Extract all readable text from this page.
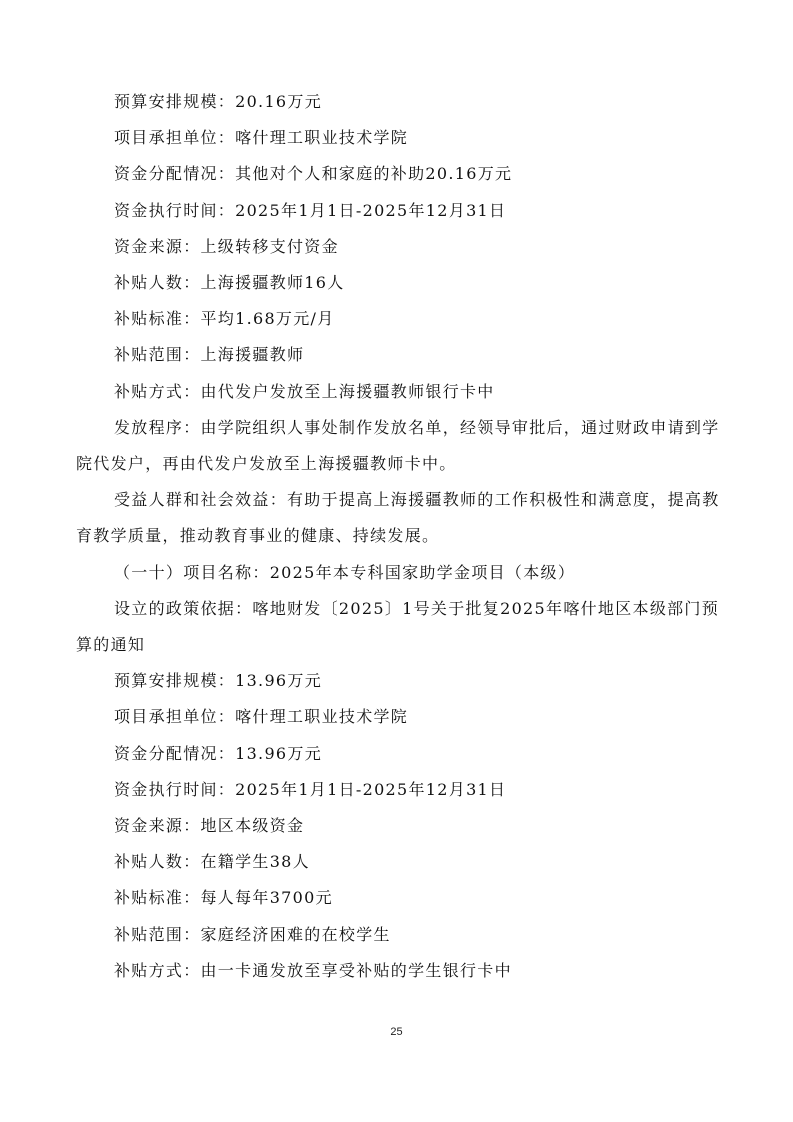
预算安排规模：20.16万元

项目承担单位：喀什理工职业技术学院

资金分配情况：其他对个人和家庭的补助20.16万元

资金执行时间：2025年1月1日-2025年12月31日

资金来源：上级转移支付资金

补贴人数：上海援疆教师16人

补贴标准：平均1.68万元/月

补贴范围：上海援疆教师

补贴方式：由代发户发放至上海援疆教师银行卡中

发放程序：由学院组织人事处制作发放名单，经领导审批后，通过财政申请到学院代发户，再由代发户发放至上海援疆教师卡中。

受益人群和社会效益：有助于提高上海援疆教师的工作积极性和满意度，提高教育教学质量，推动教育事业的健康、持续发展。

（一十）项目名称：2025年本专科国家助学金项目（本级）

设立的政策依据：喀地财发〔2025〕1号关于批复2025年喀什地区本级部门预算的通知

预算安排规模：13.96万元

项目承担单位：喀什理工职业技术学院

资金分配情况：13.96万元

资金执行时间：2025年1月1日-2025年12月31日

资金来源：地区本级资金

补贴人数：在籍学生38人

补贴标准：每人每年3700元

补贴范围：家庭经济困难的在校学生

补贴方式：由一卡通发放至享受补贴的学生银行卡中

25
